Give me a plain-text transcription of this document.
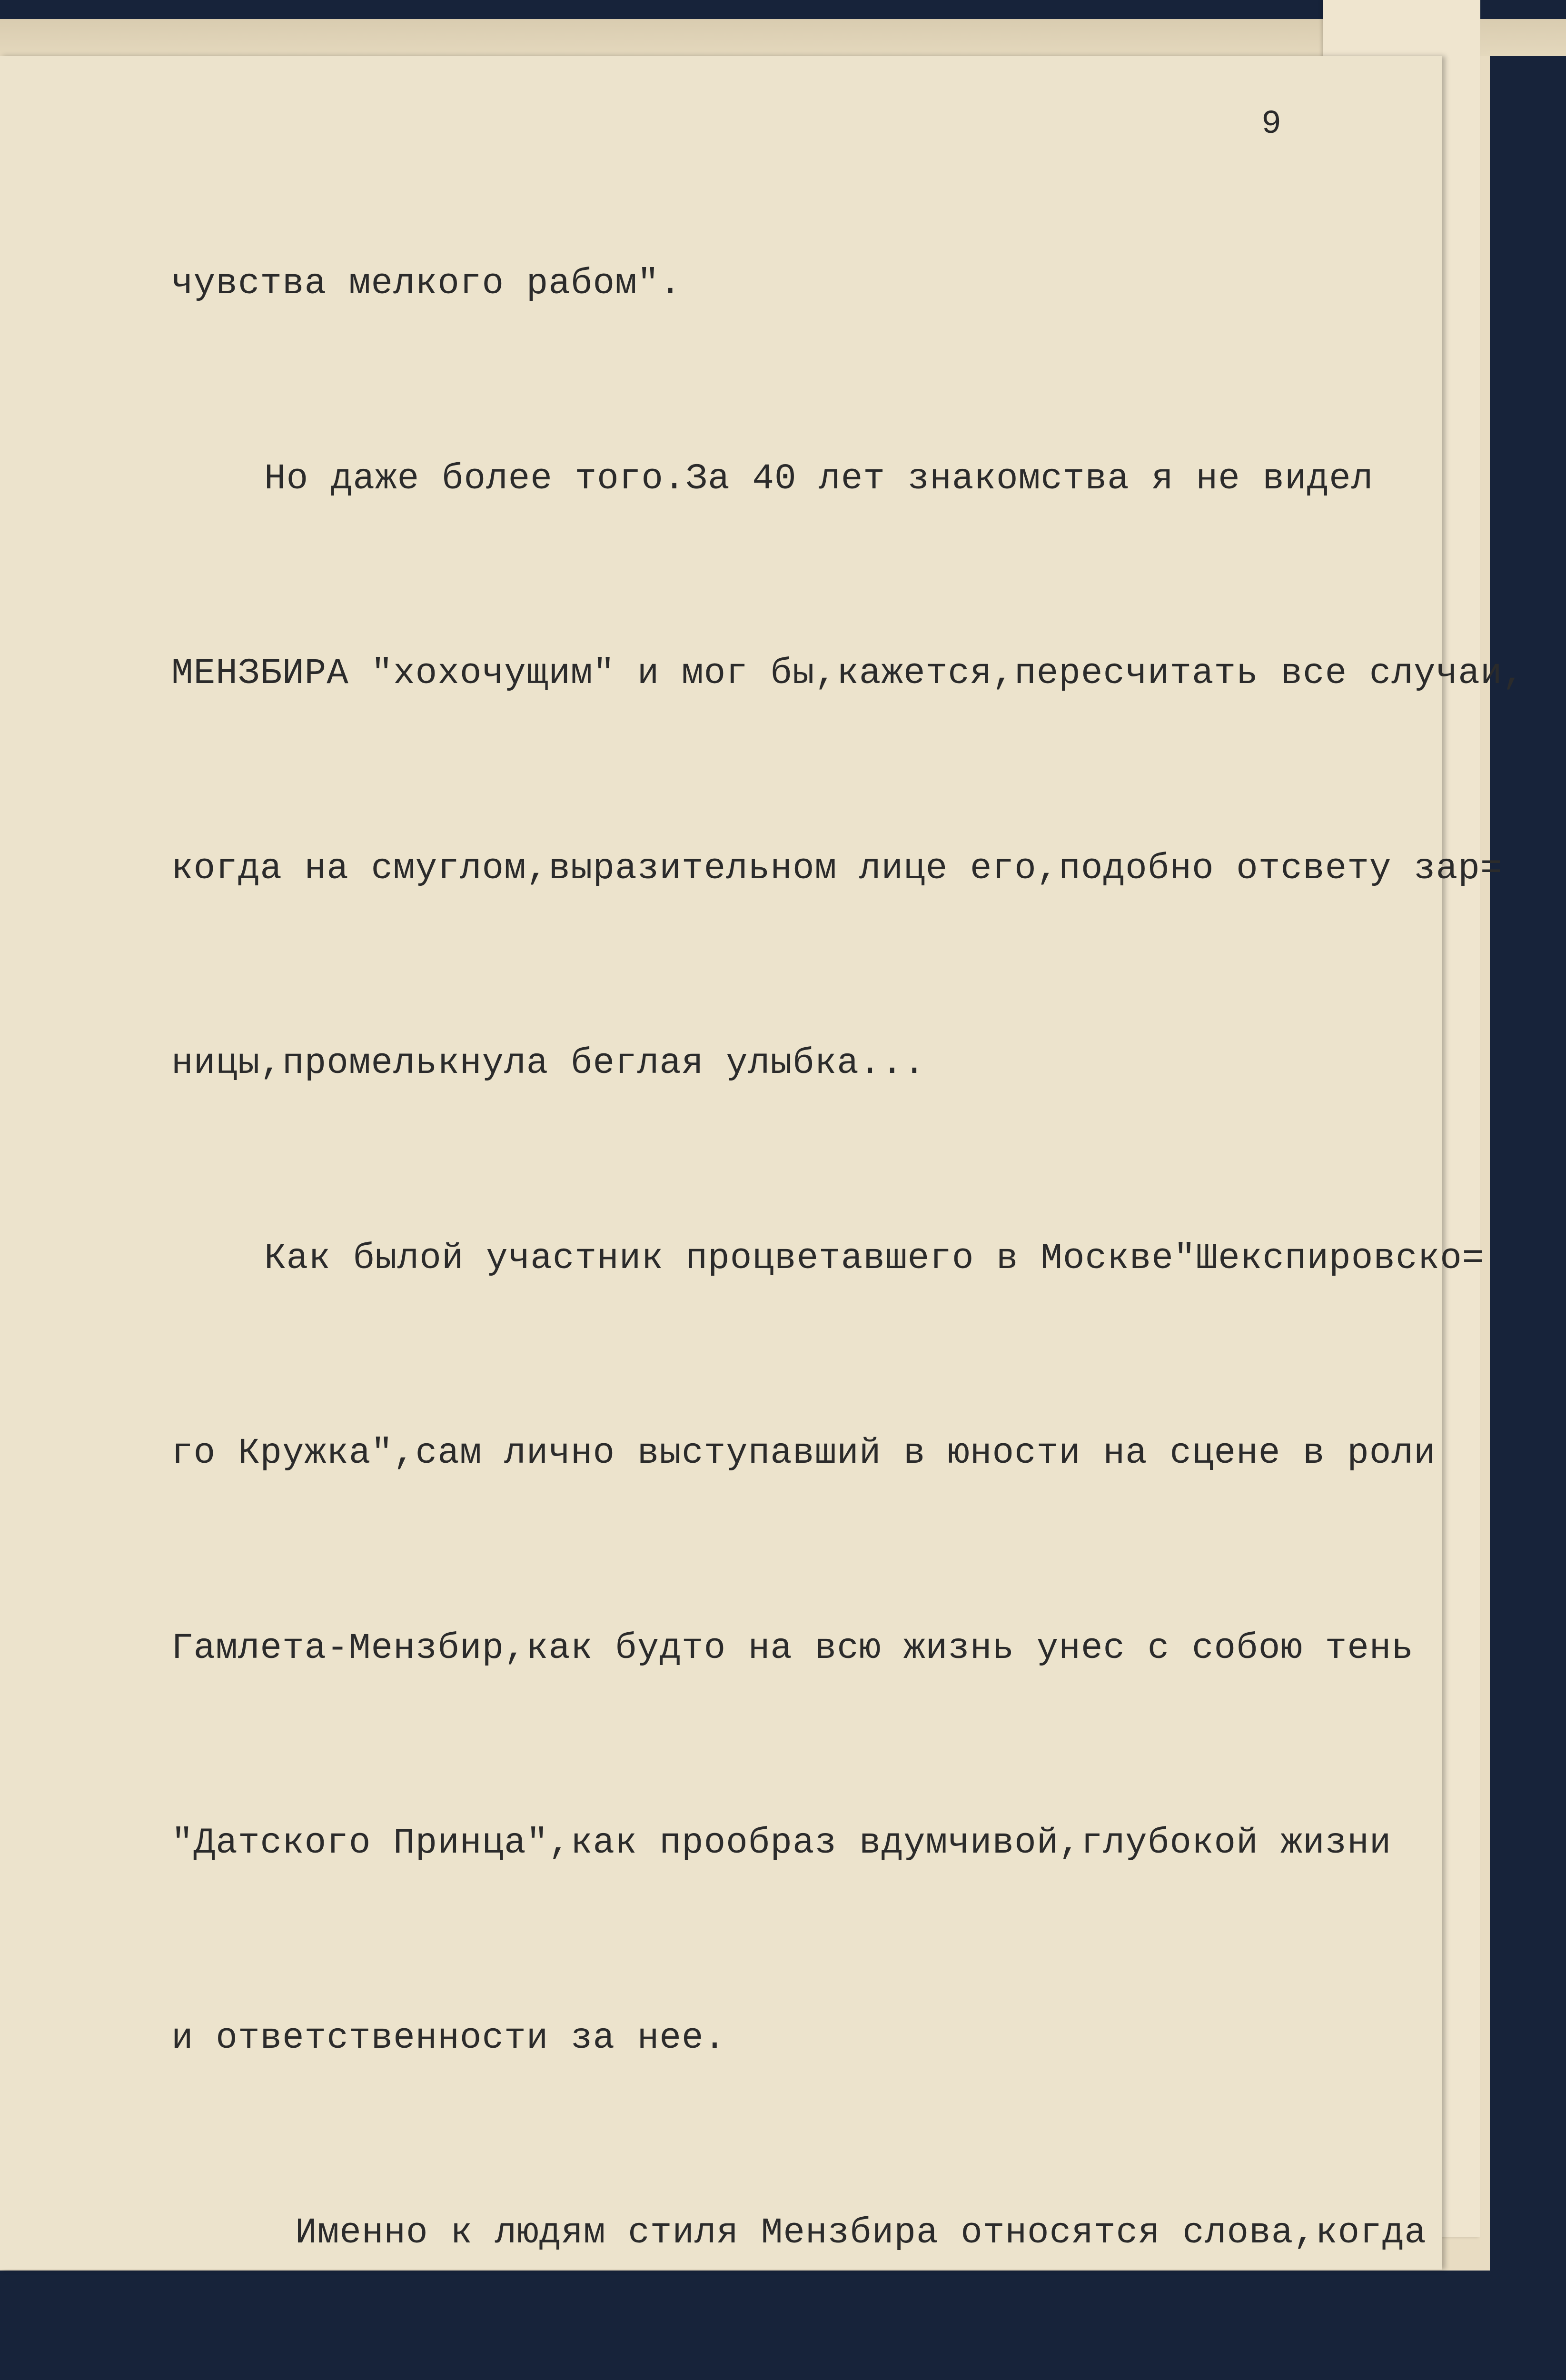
9

чувства мелкого рабом".

Но даже более того.За 40 лет знакомства я не видел

МЕНЗБИРА "хохочущим" и мог бы,кажется,пересчитать все случаи,

когда на смуглом,выразительном лице его,подобно отсвету зар=

ницы,промелькнула беглая улыбка...

Как былой участник процветавшего в Москве"Шекспировско=

го Кружка",сам лично выступавший в юности на сцене в роли

Гамлета-Мензбир,как будто на всю жизнь унес с собою тень

"Датского Принца",как прообраз вдумчивой,глубокой жизни

и ответственности за нее.

Именно к людям стиля Мензбира относятся слова,когда
